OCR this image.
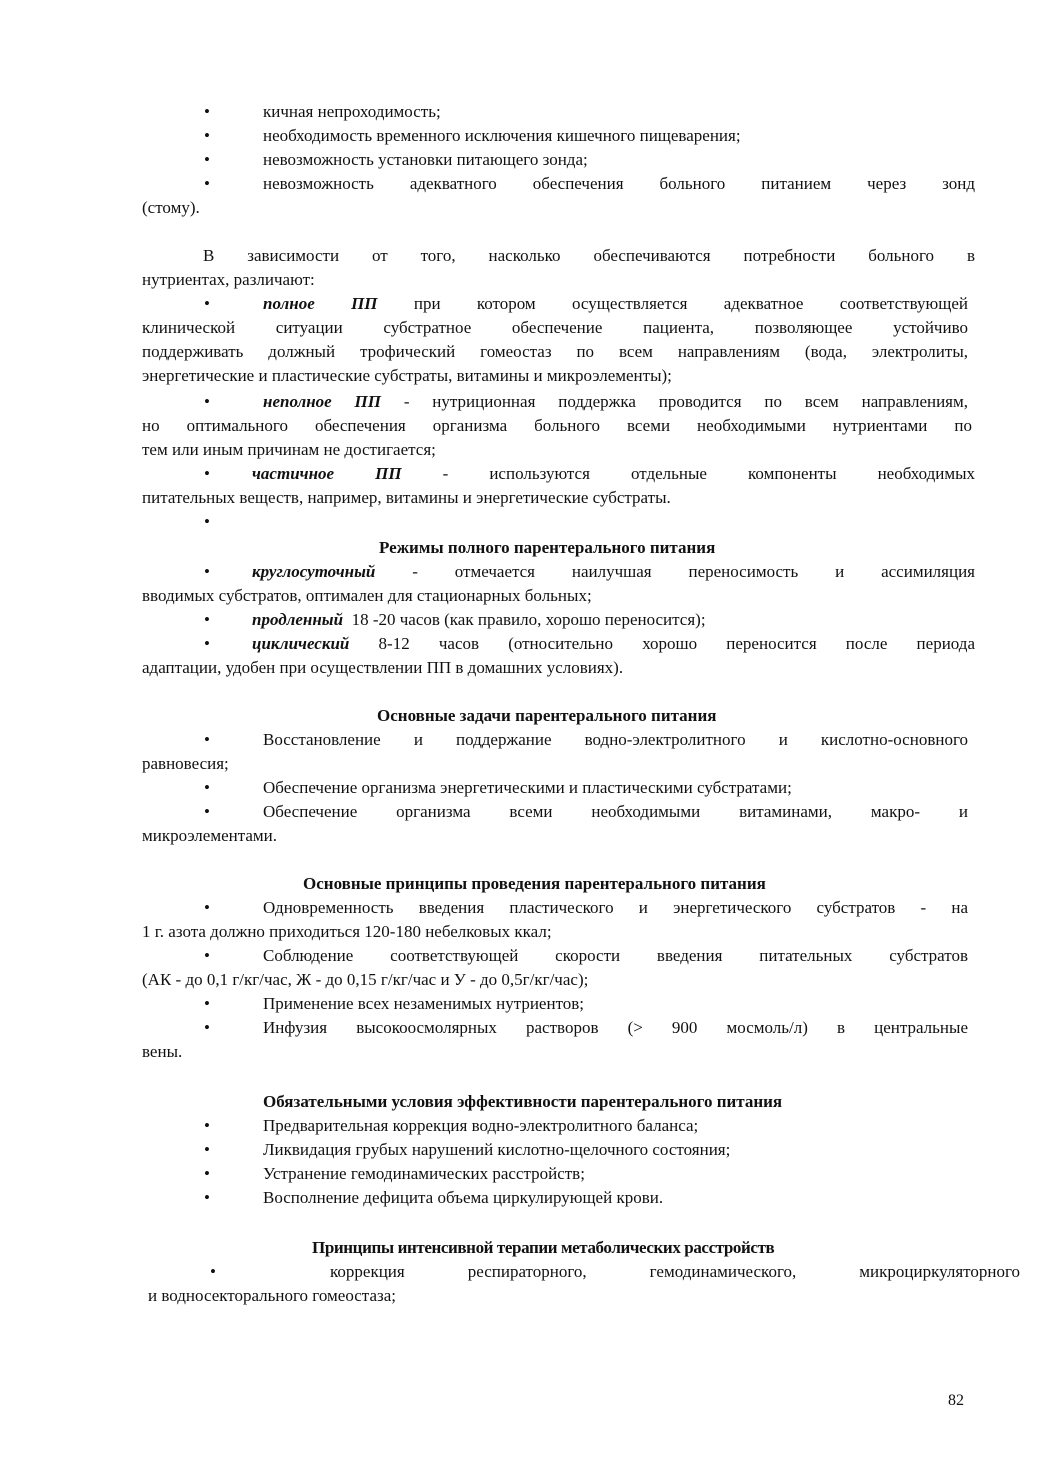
•	кичная непроходимость;
•	необходимость временного исключения кишечного пищеварения;
•	невозможность установки питающего зонда;
•	невозможность адекватного обеспечения больного питанием через зонд
(стому).
В зависимости от того, насколько обеспечиваются потребности больного в
нутриентах, различают:
•	полное ПП при котором осуществляется адекватное соответствующей
клинической ситуации субстратное обеспечение пациента, позволяющее устойчиво
поддерживать должный трофический гомеостаз по всем направлениям (вода, электролиты,
энергетические и пластические субстраты, витамины и микроэлементы);
•	неполное ПП - нутриционная поддержка проводится по всем направлениям,
но оптимального обеспечения организма больного всеми необходимыми нутриентами по
тем или иным причинам не достигается;
• частичное ПП - используются отдельные компоненты необходимых
питательных веществ, например, витамины и энергетические субстраты.
•
Режимы полного парентерального питания
• круглосуточный - отмечается наилучшая переносимость и ассимиляция
вводимых субстратов, оптимален для стационарных больных;
• продленный 18 -20 часов (как правило, хорошо переносится);
• циклический 8-12 часов (относительно хорошо переносится после периода
адаптации, удобен при осуществлении ПП в домашних условиях).
Основные задачи парентерального питания
•	Восстановление и поддержание водно-электролитного и кислотно-основного
равновесия;
•	Обеспечение организма энергетическими и пластическими субстратами;
•	Обеспечение организма всеми необходимыми витаминами, макро- и
микроэлементами.
Основные принципы проведения парентерального питания
•	Одновременность введения пластического и энергетического субстратов - на
1 г. азота должно приходиться 120-180 небелковых ккал;
•	Соблюдение соответствующей скорости введения питательных субстратов
(АК - до 0,1 г/кг/час, Ж - до 0,15 г/кг/час и У - до 0,5г/кг/час);
•	Применение всех незаменимых нутриентов;
•	Инфузия высокоосмолярных растворов (> 900 мосмоль/л) в центральные
вены.
Обязательными условия эффективности парентерального питания
•	Предварительная коррекция водно-электролитного баланса;
•	Ликвидация грубых нарушений кислотно-щелочного состояния;
•	Устранение гемодинамических расстройств;
•	Восполнение дефицита объема циркулирующей крови.
Принципы интенсивной терапии метаболических расстройств
•	коррекция респираторного, гемодинамического, микроциркуляторного
и водносекторального гомеостаза;
82
